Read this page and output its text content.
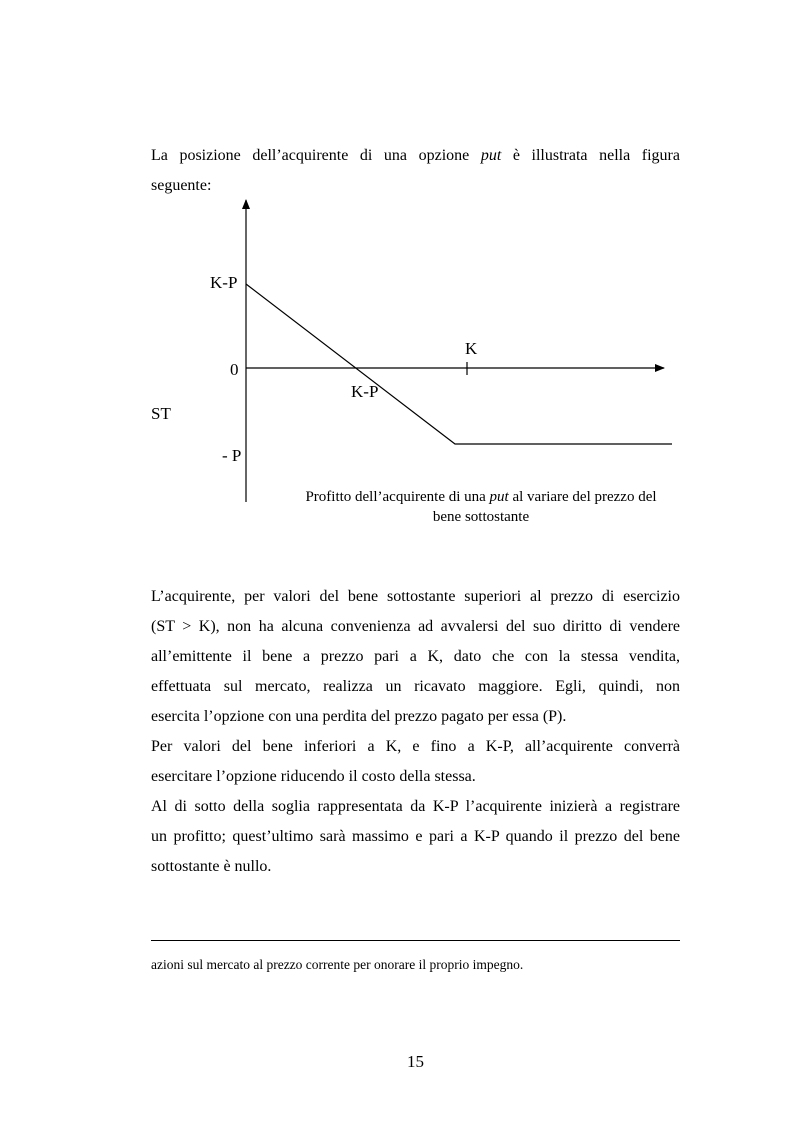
La posizione dell’acquirente di una opzione put è illustrata nella figura
seguente:
K-P
0
- P
K-P
K
ST
Profitto dell’acquirente di una put al variare del prezzo del
bene sottostante
L’acquirente, per valori del bene sottostante superiori al prezzo di esercizio
(ST > K), non ha alcuna convenienza ad avvalersi del suo diritto di vendere
all’emittente il bene a prezzo pari a K, dato che con la stessa vendita,
effettuata sul mercato, realizza un ricavato maggiore. Egli, quindi, non
esercita l’opzione con una perdita del prezzo pagato per essa (P).
Per valori del bene inferiori a K, e fino a K-P, all’acquirente converrà
esercitare l’opzione riducendo il costo della stessa.
Al di sotto della soglia rappresentata da K-P l’acquirente inizierà a registrare
un profitto; quest’ultimo sarà massimo e pari a K-P quando il prezzo del bene
sottostante è nullo.
azioni sul mercato al prezzo corrente per onorare il proprio impegno.
15
